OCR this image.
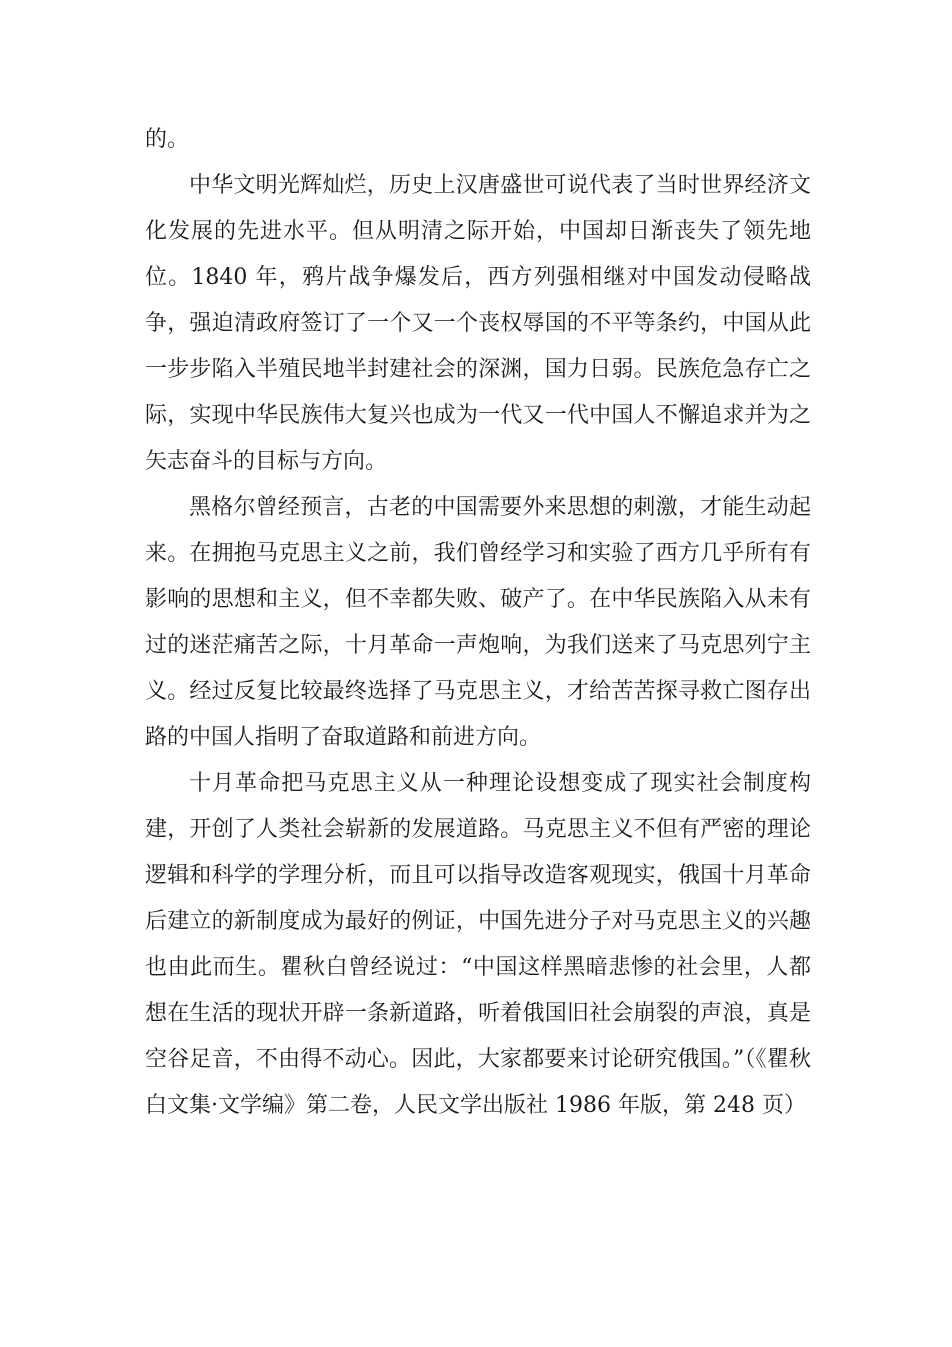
的。

中华文明光辉灿烂，历史上汉唐盛世可说代表了当时世界经济文化发展的先进水平。但从明清之际开始，中国却日渐丧失了领先地位。1840 年，鸦片战争爆发后，西方列强相继对中国发动侵略战争，强迫清政府签订了一个又一个丧权辱国的不平等条约，中国从此一步步陷入半殖民地半封建社会的深渊，国力日弱。民族危急存亡之际，实现中华民族伟大复兴也成为一代又一代中国人不懈追求并为之矢志奋斗的目标与方向。

黑格尔曾经预言，古老的中国需要外来思想的刺激，才能生动起来。在拥抱马克思主义之前，我们曾经学习和实验了西方几乎所有有影响的思想和主义，但不幸都失败、破产了。在中华民族陷入从未有过的迷茫痛苦之际，十月革命一声炮响，为我们送来了马克思列宁主义。经过反复比较最终选择了马克思主义，才给苦苦探寻救亡图存出路的中国人指明了奋取道路和前进方向。

十月革命把马克思主义从一种理论设想变成了现实社会制度构建，开创了人类社会崭新的发展道路。马克思主义不但有严密的理论逻辑和科学的学理分析，而且可以指导改造客观现实，俄国十月革命后建立的新制度成为最好的例证，中国先进分子对马克思主义的兴趣也由此而生。瞿秋白曾经说过：“中国这样黑暗悲惨的社会里，人都想在生活的现状开辟一条新道路，听着俄国旧社会崩裂的声浪，真是空谷足音，不由得不动心。因此，大家都要来讨论研究俄国。”（《瞿秋白文集·文学编》第二卷，人民文学出版社 1986 年版，第 248 页）
